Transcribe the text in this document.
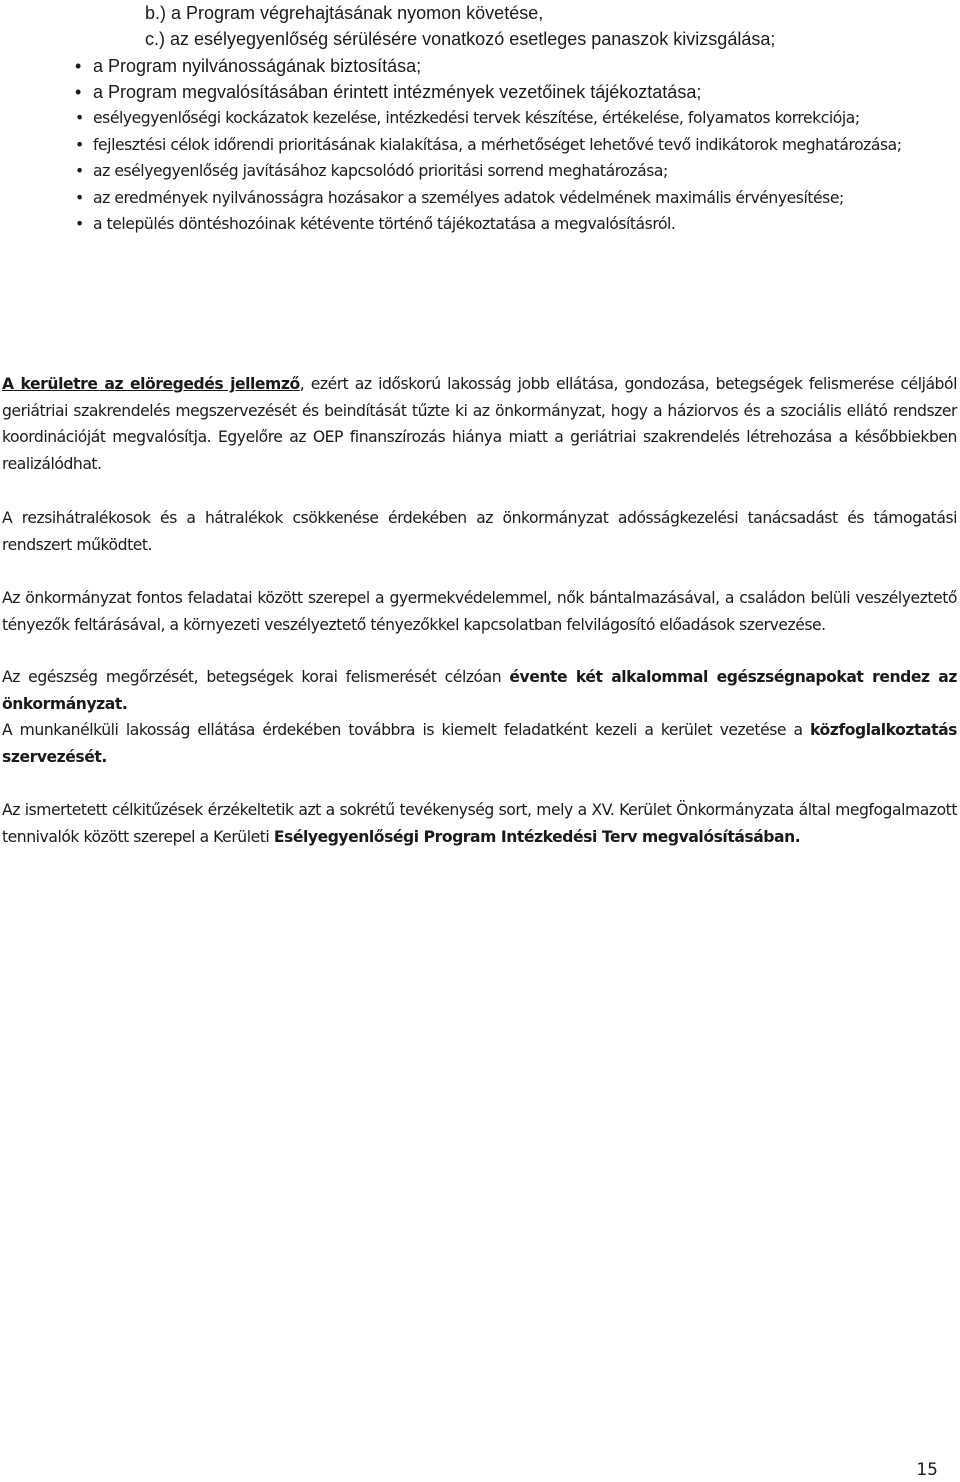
b.) a Program végrehajtásának nyomon követése,
c.) az esélyegyenlőség sérülésére vonatkozó esetleges panaszok kivizsgálása;
• a Program nyilvánosságának biztosítása;
• a Program megvalósításában érintett intézmények vezetőinek tájékoztatása;
• esélyegyenlőségi kockázatok kezelése, intézkedési tervek készítése, értékelése, folyamatos korrekciója;
• fejlesztési célok időrendi prioritásának kialakítása, a mérhetőséget lehetővé tevő indikátorok meghatározása;
• az esélyegyenlőség javításához kapcsolódó prioritási sorrend meghatározása;
• az eredmények nyilvánosságra hozásakor a személyes adatok védelmének maximális érvényesítése;
• a település döntéshozóinak kétévente történő tájékoztatása a megvalósításról.

A kerületre az elöregedés jellemző, ezért az időskorú lakosság jobb ellátása, gondozása, betegségek felismerése céljából geriátriai szakrendelés megszervezését és beindítását tűzte ki az önkormányzat, hogy a háziorvos és a szociális ellátó rendszer koordinációját megvalósítja. Egyelőre az OEP finanszírozás hiánya miatt a geriátriai szakrendelés létrehozása a későbbiekben realizálódhat.

A rezsihátralékosok és a hátralékok csökkenése érdekében az önkormányzat adósságkezelési tanácsadást és támogatási rendszert működtet.

Az önkormányzat fontos feladatai között szerepel a gyermekvédelemmel, nők bántalmazásával, a családon belüli veszélyeztető tényezők feltárásával, a környezeti veszélyeztető tényezőkkel kapcsolatban felvilágosító előadások szervezése.

Az egészség megőrzését, betegségek korai felismerését célzóan évente két alkalommal egészségnapokat rendez az önkormányzat.

A munkanélküli lakosság ellátása érdekében továbbra is kiemelt feladatként kezeli a kerület vezetése a közfoglalkoztatás szervezését.

Az ismertetett célkitűzések érzékeltetik azt a sokrétű tevékenység sort, mely a XV. Kerület Önkormányzata által megfogalmazott tennivalók között szerepel a Kerületi Esélyegyenlőségi Program Intézkedési Terv megvalósításában.

15
